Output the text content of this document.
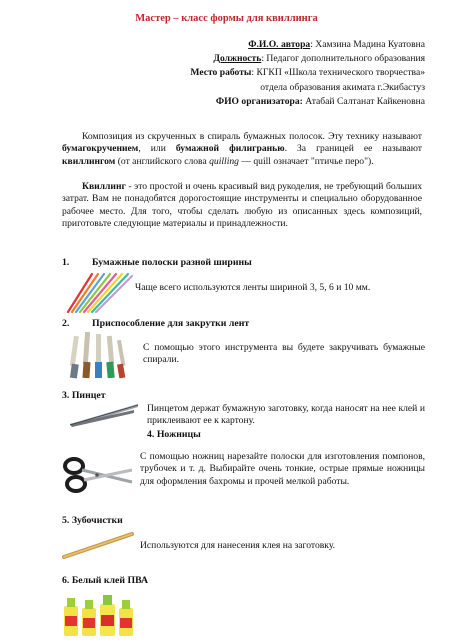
Мастер – класс формы для квиллинга
Ф.И.О. автора: Хамзина Мадина Куатовна
Должность: Педагог дополнительного образования
Место работы: КГКП «Школа технического творчества»
отдела образования акимата г.Экибастуз
ФИО организатора: Атабай Салтанат Кайкеновна
Композиция из скрученных в спираль бумажных полосок. Эту технику называют бумагокручением, или бумажной филигранью. За границей ее называют квиллингом (от английского слова quilling — quill означает "птичье перо").
Квиллинг - это простой и очень красивый вид рукоделия, не требующий больших затрат. Вам не понадобятся дорогостоящие инструменты и специально оборудованное рабочее место. Для того, чтобы сделать любую из описанных здесь композиций, приготовьте следующие материалы и принадлежности.
1. Бумажные полоски разной ширины
Чаще всего используются ленты шириной 3, 5, 6 и 10 мм.
2. Приспособление для закрутки лент
С помощью этого инструмента вы будете закручивать бумажные спирали.
3. Пинцет
Пинцетом держат бумажную заготовку, когда наносят на нее клей и приклеивают ее к картону.
4. Ножницы
С помощью ножниц нарезайте полоски для изготовления помпонов, трубочек и т. д. Выбирайте очень тонкие, острые прямые ножницы для оформления бахромы и прочей мелкой работы.
5. Зубочистки
Используются для нанесения клея на заготовку.
6. Белый клей ПВА
